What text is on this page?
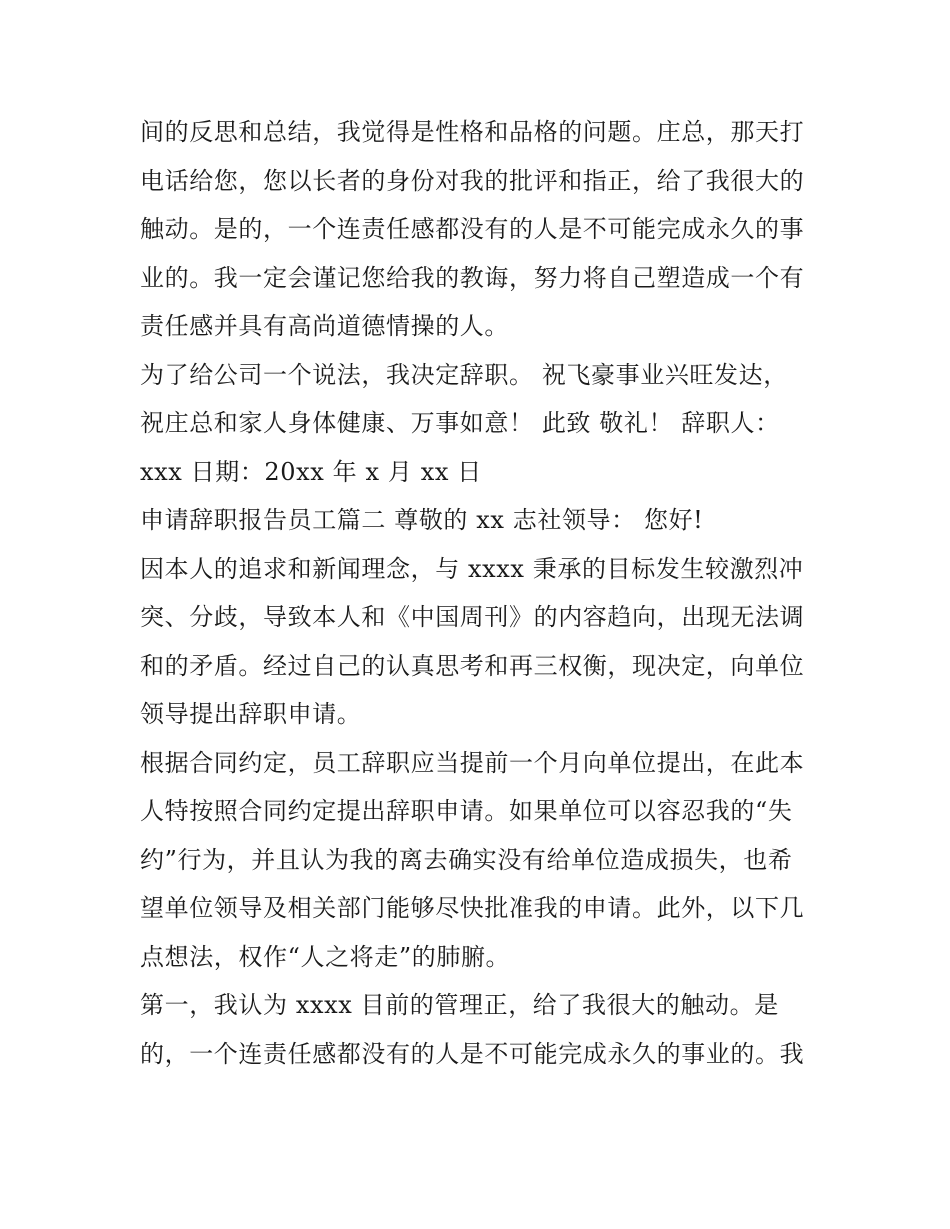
间的反思和总结，我觉得是性格和品格的问题。庄总，那天打
电话给您，您以长者的身份对我的批评和指正，给了我很大的
触动。是的，一个连责任感都没有的人是不可能完成永久的事
业的。我一定会谨记您给我的教诲，努力将自己塑造成一个有
责任感并具有高尚道德情操的人。
为了给公司一个说法，我决定辞职。 祝飞豪事业兴旺发达，
祝庄总和家人身体健康、万事如意！ 此致 敬礼！ 辞职人：
xxx 日期：20xx 年 x 月 xx 日
申请辞职报告员工篇二 尊敬的 xx 志社领导： 您好!
因本人的追求和新闻理念，与 xxxx 秉承的目标发生较激烈冲
突、分歧，导致本人和《中国周刊》的内容趋向，出现无法调
和的矛盾。经过自己的认真思考和再三权衡，现决定，向单位
领导提出辞职申请。
根据合同约定，员工辞职应当提前一个月向单位提出，在此本
人特按照合同约定提出辞职申请。如果单位可以容忍我的“失
约”行为，并且认为我的离去确实没有给单位造成损失，也希
望单位领导及相关部门能够尽快批准我的申请。此外，以下几
点想法，权作“人之将走”的肺腑。
第一，我认为 xxxx 目前的管理正，给了我很大的触动。是
的，一个连责任感都没有的人是不可能完成永久的事业的。我
